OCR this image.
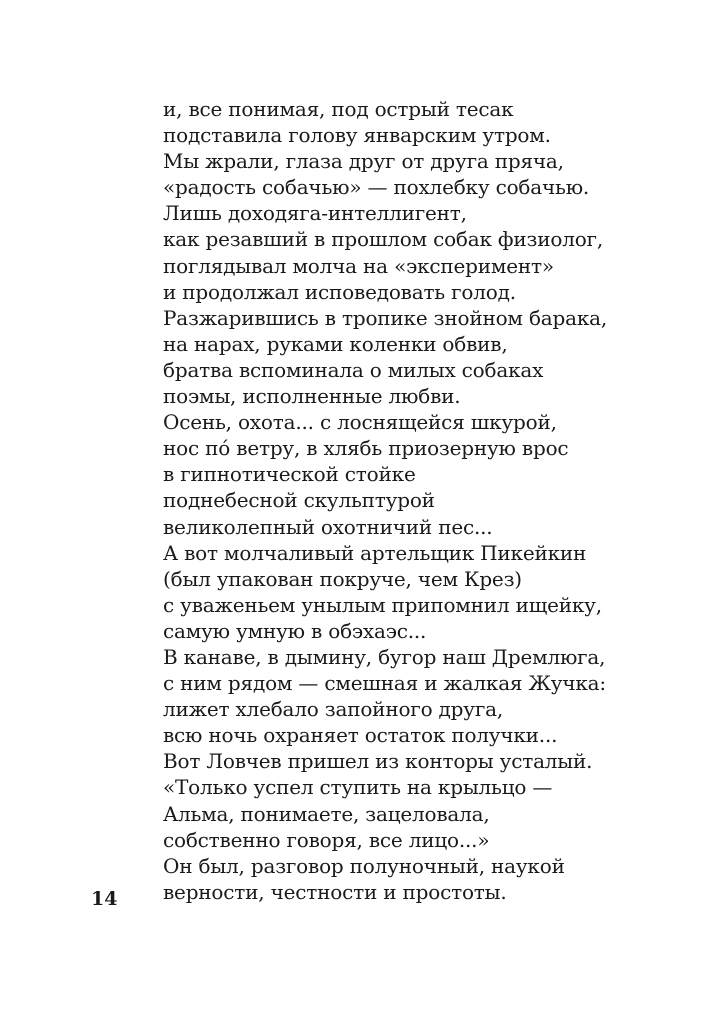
и, все понимая, под острый тесак
подставила голову январским утром.
Мы жрали, глаза друг от друга пряча,
«радость собачью» — похлебку собачью.
Лишь доходяга-интеллигент,
как резавший в прошлом собак физиолог,
поглядывал молча на «эксперимент»
и продолжал исповедовать голод.
Разжарившись в тропике знойном барака,
на нарах, руками коленки обвив,
братва вспоминала о милых собаках
поэмы, исполненные любви.
Осень, охота... с лоснящейся шкурой,
нос по́ ветру, в хлябь приозерную врос
в гипнотической стойке
поднебесной скульптурой
великолепный охотничий пес...
А вот молчаливый артельщик Пикейкин
(был упакован покруче, чем Крез)
с уваженьем унылым припомнил ищейку,
самую умную в обэхаэс...
В канаве, в дымину, бугор наш Дремлюга,
с ним рядом — смешная и жалкая Жучка:
лижет хлебало запойного друга,
всю ночь охраняет остаток получки...
Вот Ловчев пришел из конторы усталый.
«Только успел ступить на крыльцо —
Альма, понимаете, зацеловала,
собственно говоря, все лицо...»
Он был, разговор полуночный, наукой
верности, честности и простоты.
14
